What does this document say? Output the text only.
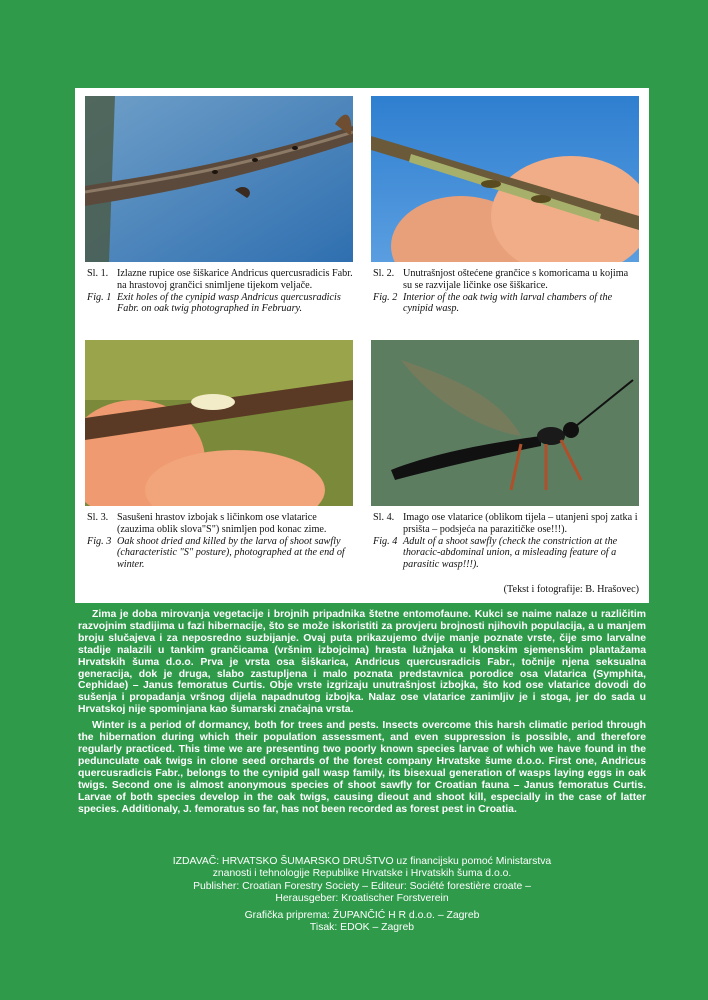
Sl. 1. Izlazne rupice ose šiškarice Andricus quercusradicis Fabr. na hrastovoj grančici snimljene tijekom veljače.
Fig. 1 Exit holes of the cynipid wasp Andricus quercusradicis Fabr. on oak twig photographed in February.
Sl. 2. Unutrašnjost oštećene grančice s komoricama u kojima su se razvijale ličinke ose šiškarice.
Fig. 2 Interior of the oak twig with larval chambers of the cynipid wasp.
Sl. 3. Sasušeni hrastov izbojak s ličinkom ose vlatarice (zauzima oblik slova"S") snimljen pod konac zime.
Fig. 3 Oak shoot dried and killed by the larva of shoot sawfly (characteristic "S" posture), photographed at the end of winter.
Sl. 4. Imago ose vlatarice (oblikom tijela – utanjeni spoj zatka i prsišta – podsjeća na parazitičke ose!!!).
Fig. 4 Adult of a shoot sawfly (check the constriction at the thoracic-abdominal union, a misleading feature of a parasitic wasp!!!).
(Tekst i fotografije: B. Hrašovec)

Zima je doba mirovanja vegetacije i brojnih pripadnika štetne entomofaune. Kukci se naime nalaze u različitim razvojnim stadijima u fazi hibernacije, što se može iskoristiti za provjeru brojnosti njihovih populacija, a u manjem broju slučajeva i za neposredno suzbijanje. Ovaj puta prikazujemo dvije manje poznate vrste, čije smo larvalne stadije nalazili u tankim grančicama (vršnim izbojcima) hrasta lužnjaka u klonskim sjemenskim plantažama Hrvatskih šuma d.o.o. Prva je vrsta osa šiškarica, Andricus quercusradicis Fabr., točnije njena seksualna generacija, dok je druga, slabo zastupljena i malo poznata predstavnica porodice osa vlatarica (Symphita, Cephidae) – Janus femoratus Curtis. Obje vrste izgrizaju unutrašnjost izbojka, što kod ose vlatarice dovodi do sušenja i propadanja vršnog dijela napadnutog izbojka. Nalaz ose vlatarice zanimljiv je i stoga, jer do sada u Hrvatskoj nije spominjana kao šumarski značajna vrsta.

Winter is a period of dormancy, both for trees and pests. Insects overcome this harsh climatic period through the hibernation during which their population assessment, and even suppression is possible, and therefore regularly practiced. This time we are presenting two poorly known species larvae of which we have found in the pedunculate oak twigs in clone seed orchards of the forest company Hrvatske šume d.o.o. First one, Andricus quercusradicis Fabr., belongs to the cynipid gall wasp family, its bisexual generation of wasps laying eggs in oak twigs. Second one is almost anonymous species of shoot sawfly for Croatian fauna – Janus femoratus Curtis. Larvae of both species develop in the oak twigs, causing dieout and shoot kill, especially in the case of latter species. Additionaly, J. femoratus so far, has not been recorded as forest pest in Croatia.

IZDAVAČ: HRVATSKO ŠUMARSKO DRUŠTVO uz financijsku pomoć Ministarstva
znanosti i tehnologije Republike Hrvatske i Hrvatskih šuma d.o.o.
Publisher: Croatian Forestry Society – Editeur: Société forestière croate –
Herausgeber: Kroatischer Forstverein
Grafička priprema: ŽUPANČIĆ H R d.o.o. – Zagreb
Tisak: EDOK – Zagreb
